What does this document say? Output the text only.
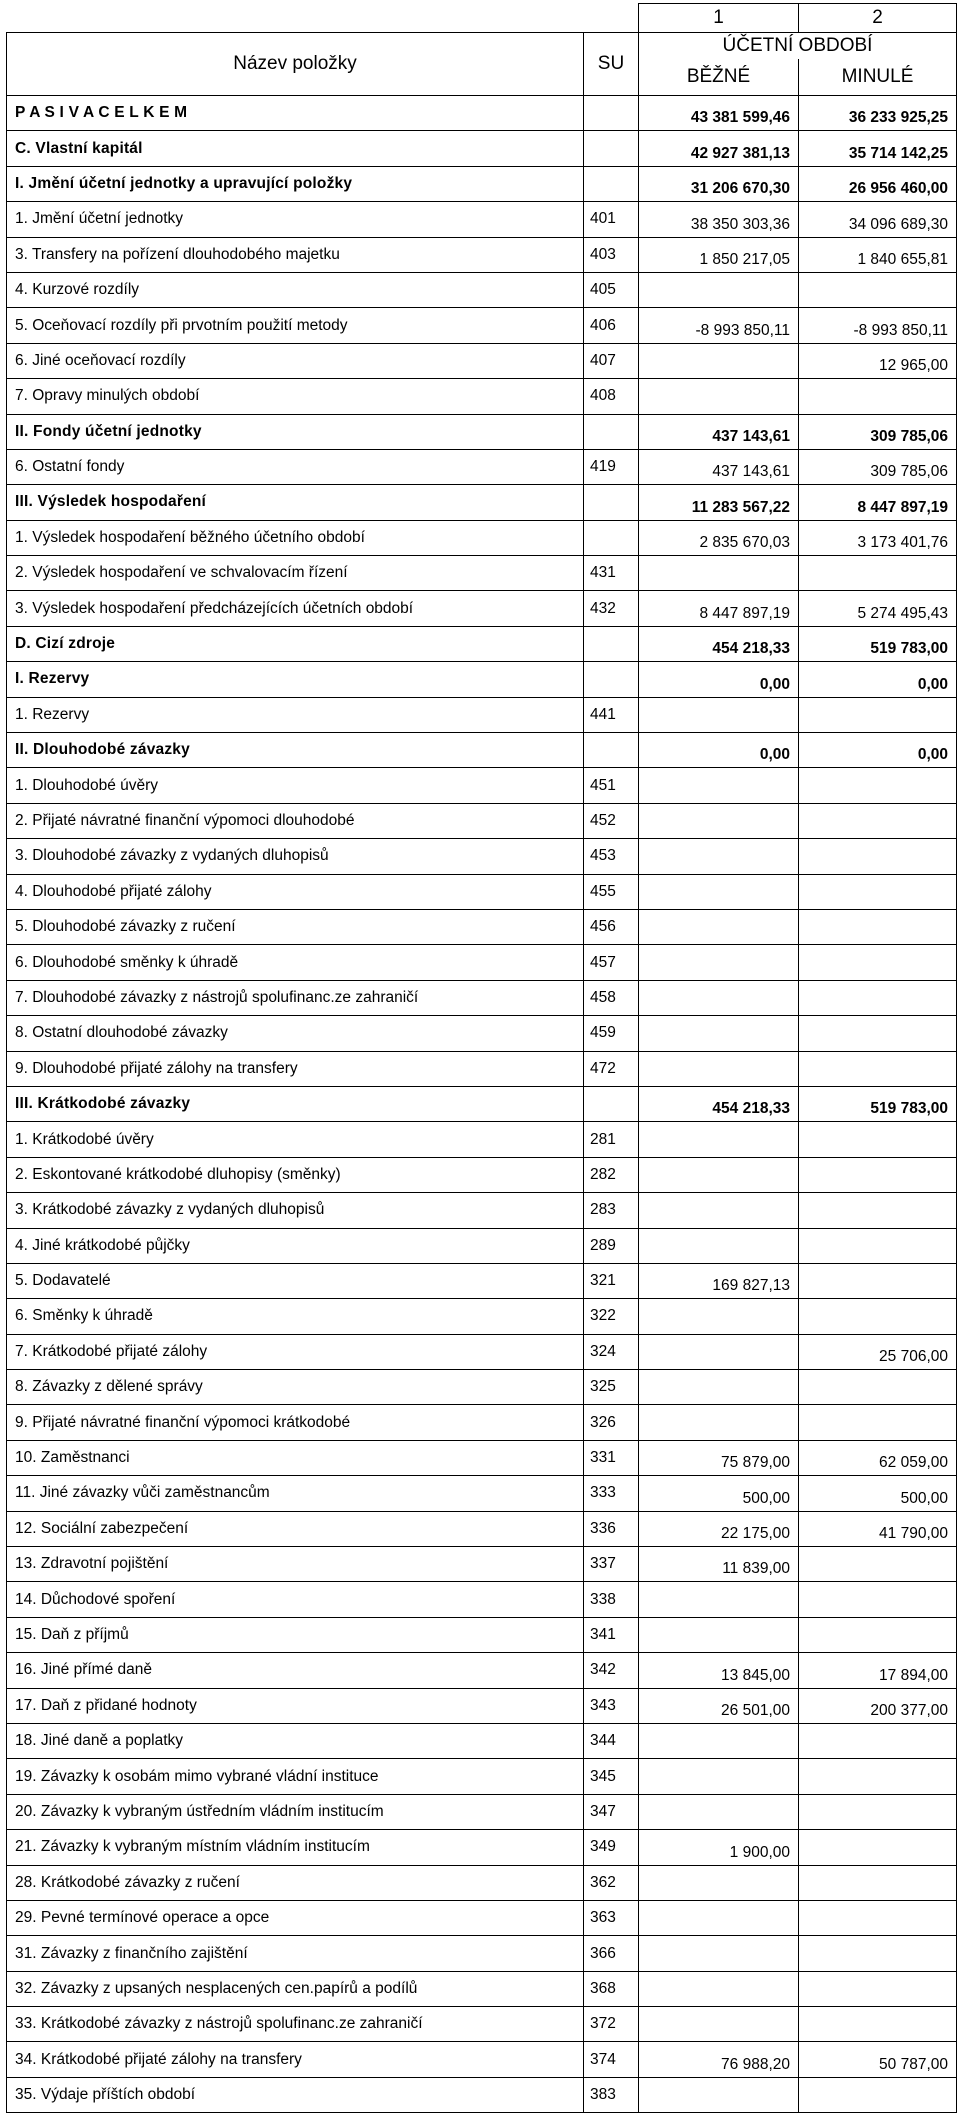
		1	2
Název položky	SU	ÚČETNÍ OBDOBÍ	
		BĚŽNÉ	MINULÉ
P A S I V A C E L K E M		43 381 599,46	36 233 925,25
C. Vlastní kapitál		42 927 381,13	35 714 142,25
I. Jmění účetní jednotky a upravující položky		31 206 670,30	26 956 460,00
1. Jmění účetní jednotky	401	38 350 303,36	34 096 689,30
3. Transfery na pořízení dlouhodobého majetku	403	1 850 217,05	1 840 655,81
4. Kurzové rozdíly	405		
5. Oceňovací rozdíly při prvotním použití metody	406	-8 993 850,11	-8 993 850,11
6. Jiné oceňovací rozdíly	407		12 965,00
7. Opravy minulých období	408		
II. Fondy účetní jednotky		437 143,61	309 785,06
6. Ostatní fondy	419	437 143,61	309 785,06
III. Výsledek hospodaření		11 283 567,22	8 447 897,19
1. Výsledek hospodaření běžného účetního období		2 835 670,03	3 173 401,76
2. Výsledek hospodaření ve schvalovacím řízení	431		
3. Výsledek hospodaření předcházejících účetních období	432	8 447 897,19	5 274 495,43
D. Cizí zdroje		454 218,33	519 783,00
I. Rezervy		0,00	0,00
1. Rezervy	441		
II. Dlouhodobé závazky		0,00	0,00
1. Dlouhodobé úvěry	451		
2. Přijaté návratné finanční výpomoci dlouhodobé	452		
3. Dlouhodobé závazky z vydaných dluhopisů	453		
4. Dlouhodobé přijaté zálohy	455		
5. Dlouhodobé závazky z ručení	456		
6. Dlouhodobé směnky k úhradě	457		
7. Dlouhodobé závazky z nástrojů spolufinanc.ze zahraničí	458		
8. Ostatní dlouhodobé závazky	459		
9. Dlouhodobé přijaté zálohy na transfery	472		
III. Krátkodobé závazky		454 218,33	519 783,00
1. Krátkodobé úvěry	281		
2. Eskontované krátkodobé dluhopisy (směnky)	282		
3. Krátkodobé závazky z vydaných dluhopisů	283		
4. Jiné krátkodobé půjčky	289		
5. Dodavatelé	321	169 827,13	
6. Směnky k úhradě	322		
7. Krátkodobé přijaté zálohy	324		25 706,00
8. Závazky z dělené správy	325		
9. Přijaté návratné finanční výpomoci krátkodobé	326		
10. Zaměstnanci	331	75 879,00	62 059,00
11. Jiné závazky vůči zaměstnancům	333	500,00	500,00
12. Sociální zabezpečení	336	22 175,00	41 790,00
13. Zdravotní pojištění	337	11 839,00	
14. Důchodové spoření	338		
15. Daň z příjmů	341		
16. Jiné přímé daně	342	13 845,00	17 894,00
17. Daň z přidané hodnoty	343	26 501,00	200 377,00
18. Jiné daně a poplatky	344		
19. Závazky k osobám mimo vybrané vládní instituce	345		
20. Závazky k vybraným ústředním vládním institucím	347		
21. Závazky k vybraným místním vládním institucím	349	1 900,00	
28. Krátkodobé závazky z ručení	362		
29. Pevné termínové operace a opce	363		
31. Závazky z finančního zajištění	366		
32. Závazky z upsaných nesplacených cen.papírů a podílů	368		
33. Krátkodobé závazky z nástrojů spolufinanc.ze zahraničí	372		
34. Krátkodobé přijaté zálohy na transfery	374	76 988,20	50 787,00
35. Výdaje příštích období	383		
